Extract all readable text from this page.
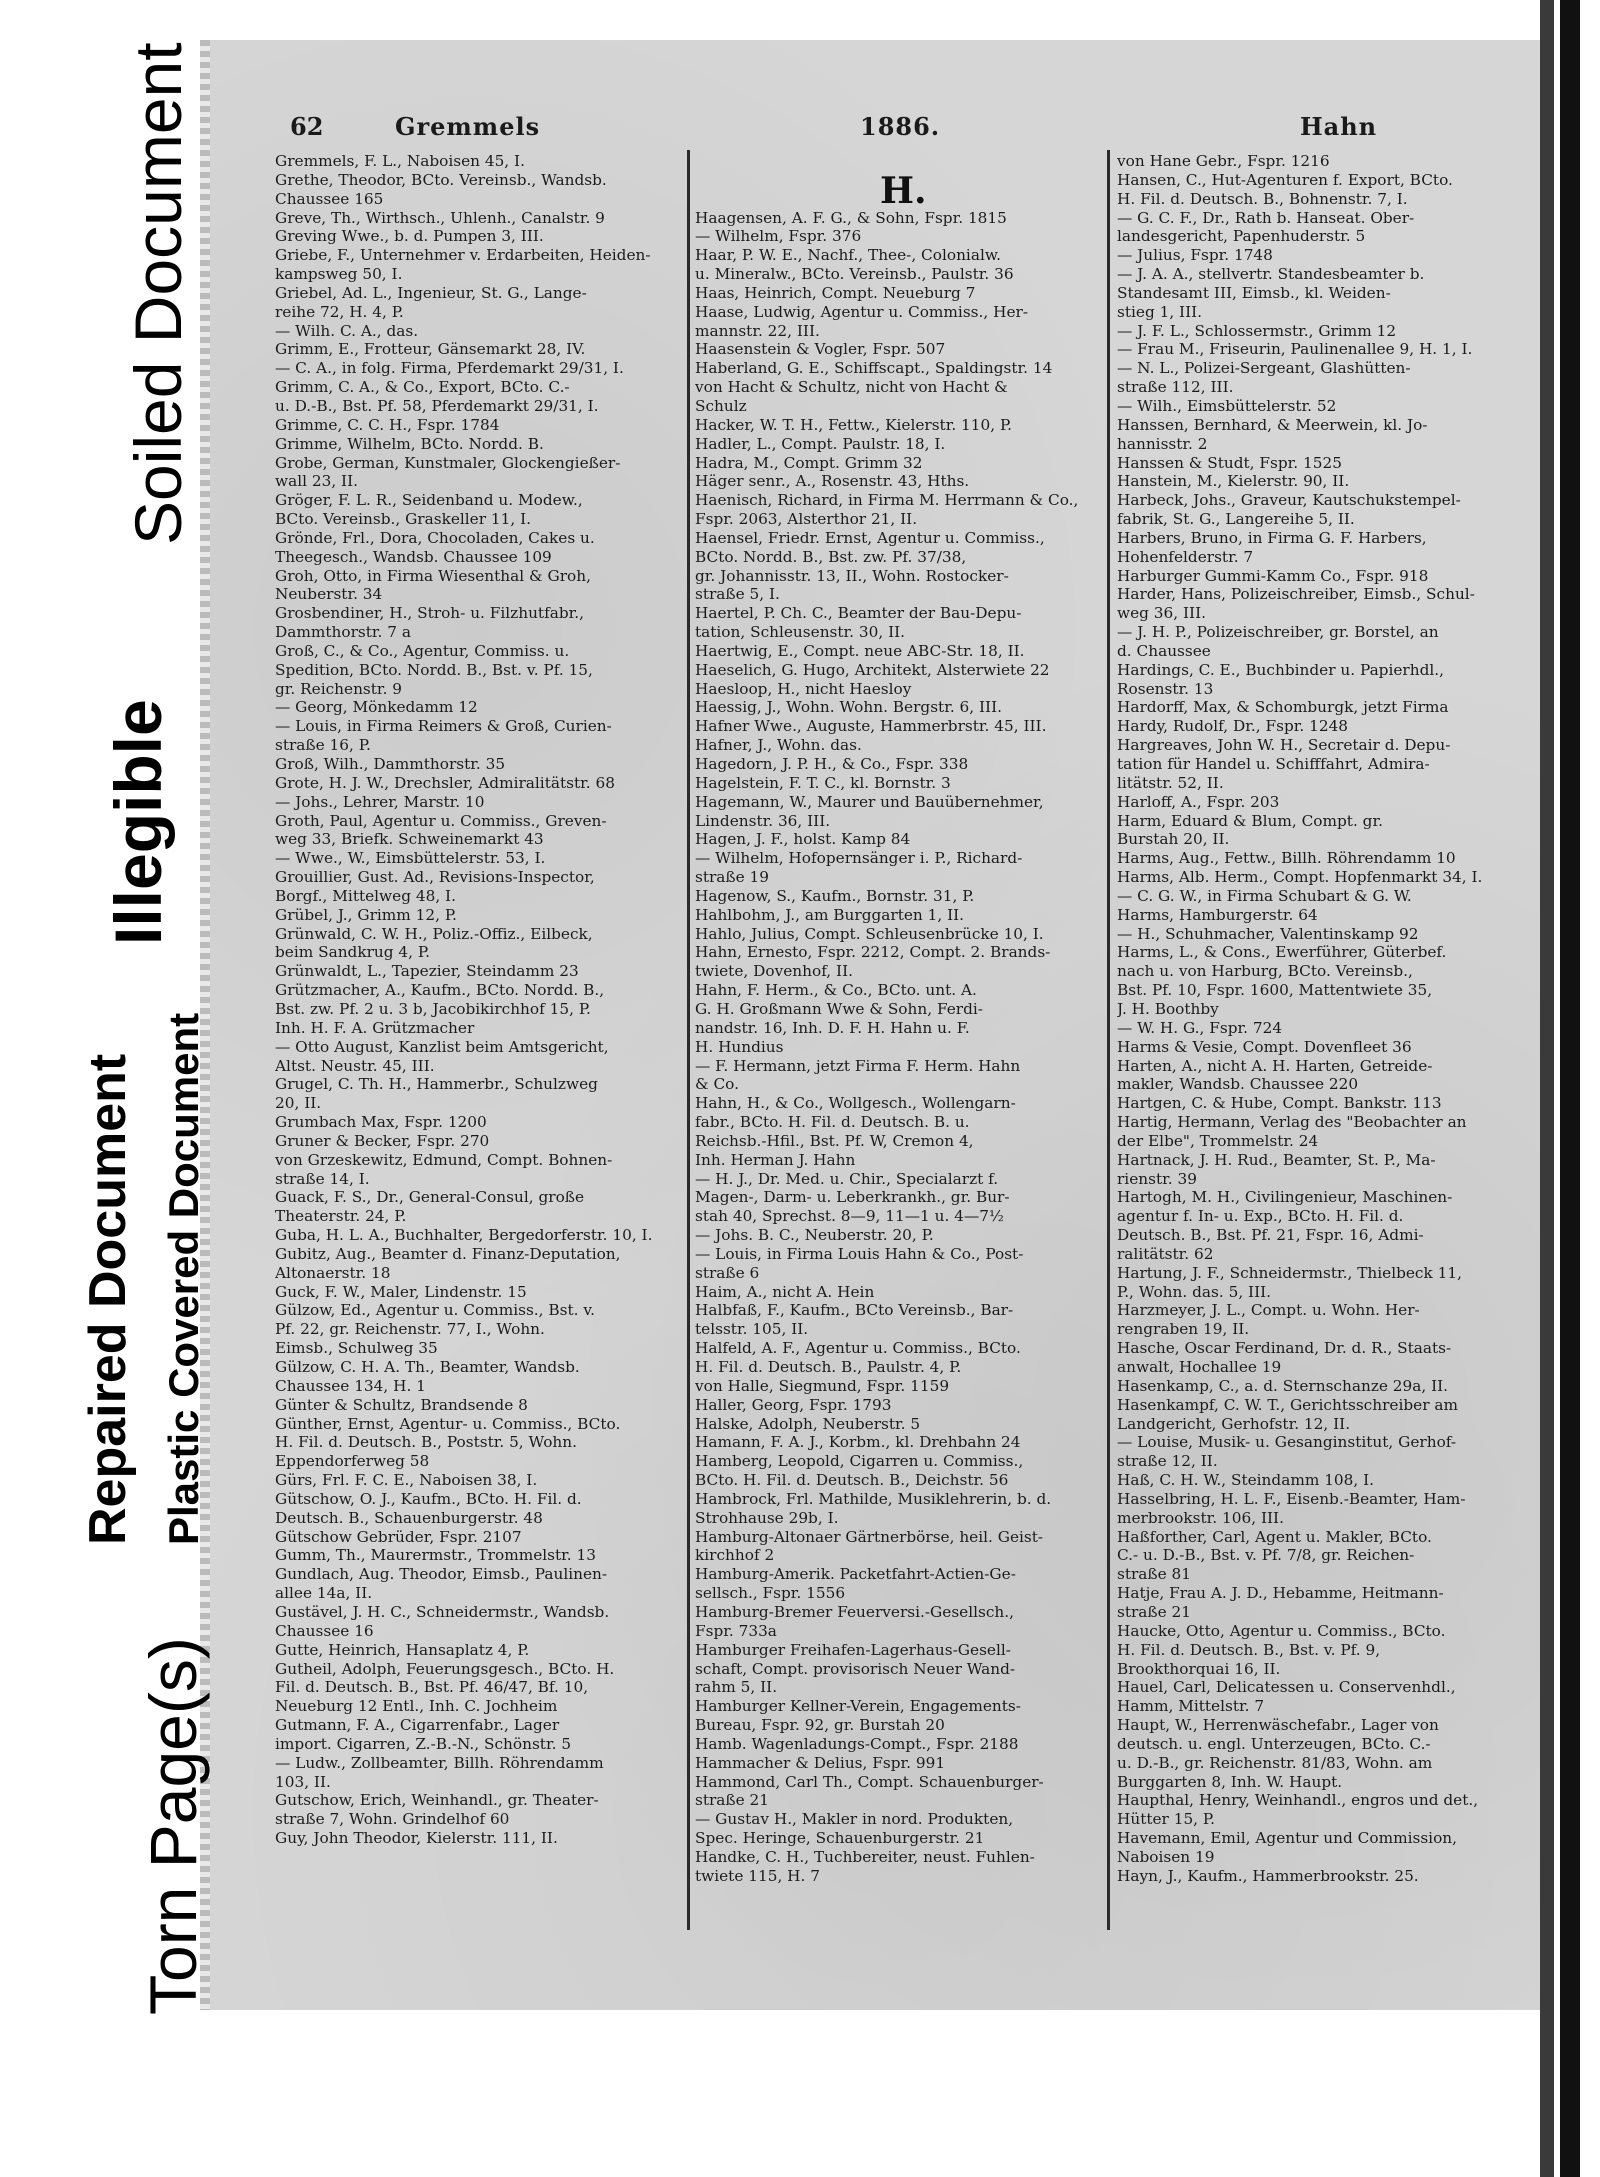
Soiled Document
Illegible
Repaired Document Plastic Covered Document
Torn Page(s)
62	Gremmels	1886.	Hahn
H.
Gremmels, F. L., Naboisen 45, I.
Grethe, Theodor, BCto. Vereinsb., Wandsb.
Chaussee 165
Greve, Th., Wirthsch., Uhlenh., Canalstr. 9
Greving Wwe., b. d. Pumpen 3, III.
Griebe, F., Unternehmer v. Erdarbeiten, Heiden-
kampsweg 50, I.
Griebel, Ad. L., Ingenieur, St. G., Lange-
reihe 72, H. 4, P.
— Wilh. C. A., das.
Grimm, E., Frotteur, Gänsemarkt 28, IV.
— C. A., in folg. Firma, Pferdemarkt 29/31, I.
Grimm, C. A., & Co., Export, BCto. C.-
u. D.-B., Bst. Pf. 58, Pferdemarkt 29/31, I.
Grimme, C. C. H., Fspr. 1784
Grimme, Wilhelm, BCto. Nordd. B.
Grobe, German, Kunstmaler, Glockengießer-
wall 23, II.
Gröger, F. L. R., Seidenband u. Modew.,
BCto. Vereinsb., Graskeller 11, I.
Grönde, Frl., Dora, Chocoladen, Cakes u.
Theegesch., Wandsb. Chaussee 109
Groh, Otto, in Firma Wiesenthal & Groh,
Neuberstr. 34
Grosbendiner, H., Stroh- u. Filzhutfabr.,
Dammthorstr. 7 a
Groß, C., & Co., Agentur, Commiss. u.
Spedition, BCto. Nordd. B., Bst. v. Pf. 15,
gr. Reichenstr. 9
— Georg, Mönkedamm 12
— Louis, in Firma Reimers & Groß, Curien-
straße 16, P.
Groß, Wilh., Dammthorstr. 35
Grote, H. J. W., Drechsler, Admiralitätstr. 68
— Johs., Lehrer, Marstr. 10
Groth, Paul, Agentur u. Commiss., Greven-
weg 33, Briefk. Schweinemarkt 43
— Wwe., W., Eimsbüttelerstr. 53, I.
Grouillier, Gust. Ad., Revisions-Inspector,
Borgf., Mittelweg 48, I.
Grübel, J., Grimm 12, P.
Grünwald, C. W. H., Poliz.-Offiz., Eilbeck,
beim Sandkrug 4, P.
Grünwaldt, L., Tapezier, Steindamm 23
Grützmacher, A., Kaufm., BCto. Nordd. B.,
Bst. zw. Pf. 2 u. 3 b, Jacobikirchhof 15, P.
Inh. H. F. A. Grützmacher
— Otto August, Kanzlist beim Amtsgericht,
Altst. Neustr. 45, III.
Grugel, C. Th. H., Hammerbr., Schulzweg
20, II.
Grumbach Max, Fspr. 1200
Gruner & Becker, Fspr. 270
von Grzeskewitz, Edmund, Compt. Bohnen-
straße 14, I.
Guack, F. S., Dr., General-Consul, große
Theaterstr. 24, P.
Guba, H. L. A., Buchhalter, Bergedorferstr. 10, I.
Gubitz, Aug., Beamter d. Finanz-Deputation,
Altonaerstr. 18
Guck, F. W., Maler, Lindenstr. 15
Gülzow, Ed., Agentur u. Commiss., Bst. v.
Pf. 22, gr. Reichenstr. 77, I., Wohn.
Eimsb., Schulweg 35
Gülzow, C. H. A. Th., Beamter, Wandsb.
Chaussee 134, H. 1
Günter & Schultz, Brandsende 8
Günther, Ernst, Agentur- u. Commiss., BCto.
H. Fil. d. Deutsch. B., Poststr. 5, Wohn.
Eppendorferweg 58
Gürs, Frl. F. C. E., Naboisen 38, I.
Gütschow, O. J., Kaufm., BCto. H. Fil. d.
Deutsch. B., Schauenburgerstr. 48
Gütschow Gebrüder, Fspr. 2107
Gumm, Th., Maurermstr., Trommelstr. 13
Gundlach, Aug. Theodor, Eimsb., Paulinen-
allee 14a, II.
Gustävel, J. H. C., Schneidermstr., Wandsb.
Chaussee 16
Gutte, Heinrich, Hansaplatz 4, P.
Gutheil, Adolph, Feuerungsgesch., BCto. H.
Fil. d. Deutsch. B., Bst. Pf. 46/47, Bf. 10,
Neueburg 12 Entl., Inh. C. Jochheim
Gutmann, F. A., Cigarrenfabr., Lager
import. Cigarren, Z.-B.-N., Schönstr. 5
— Ludw., Zollbeamter, Billh. Röhrendamm
103, II.
Gutschow, Erich, Weinhandl., gr. Theater-
straße 7, Wohn. Grindelhof 60
Guy, John Theodor, Kielerstr. 111, II.

Haagensen, A. F. G., & Sohn, Fspr. 1815
— Wilhelm, Fspr. 376
Haar, P. W. E., Nachf., Thee-, Colonialw.
u. Mineralw., BCto. Vereinsb., Paulstr. 36
Haas, Heinrich, Compt. Neueburg 7
Haase, Ludwig, Agentur u. Commiss., Her-
mannstr. 22, III.
Haasenstein & Vogler, Fspr. 507
Haberland, G. E., Schiffscapt., Spaldingstr. 14
von Hacht & Schultz, nicht von Hacht &
Schulz
Hacker, W. T. H., Fettw., Kielerstr. 110, P.
Hadler, L., Compt. Paulstr. 18, I.
Hadra, M., Compt. Grimm 32
Häger senr., A., Rosenstr. 43, Hths.
Haenisch, Richard, in Firma M. Herrmann & Co.,
Fspr. 2063, Alsterthor 21, II.
Haensel, Friedr. Ernst, Agentur u. Commiss.,
BCto. Nordd. B., Bst. zw. Pf. 37/38,
gr. Johannisstr. 13, II., Wohn. Rostocker-
straße 5, I.
Haertel, P. Ch. C., Beamter der Bau-Depu-
tation, Schleusenstr. 30, II.
Haertwig, E., Compt. neue ABC-Str. 18, II.
Haeselich, G. Hugo, Architekt, Alsterwiete 22
Haesloop, H., nicht Haesloy
Haessig, J., Wohn. Wohn. Bergstr. 6, III.
Hafner Wwe., Auguste, Hammerbrstr. 45, III.
Hafner, J., Wohn. das.
Hagedorn, J. P. H., & Co., Fspr. 338
Hagelstein, F. T. C., kl. Bornstr. 3
Hagemann, W., Maurer und Bauübernehmer,
Lindenstr. 36, III.
Hagen, J. F., holst. Kamp 84
— Wilhelm, Hofopernsänger i. P., Richard-
straße 19
Hagenow, S., Kaufm., Bornstr. 31, P.
Hahlbohm, J., am Burggarten 1, II.
Hahlo, Julius, Compt. Schleusenbrücke 10, I.
Hahn, Ernesto, Fspr. 2212, Compt. 2. Brands-
twiete, Dovenhof, II.
Hahn, F. Herm., & Co., BCto. unt. A.
G. H. Großmann Wwe & Sohn, Ferdi-
nandstr. 16, Inh. D. F. H. Hahn u. F.
H. Hundius
— F. Hermann, jetzt Firma F. Herm. Hahn
& Co.
Hahn, H., & Co., Wollgesch., Wollengarn-
fabr., BCto. H. Fil. d. Deutsch. B. u.
Reichsb.-Hfil., Bst. Pf. W, Cremon 4,
Inh. Herman J. Hahn
— H. J., Dr. Med. u. Chir., Specialarzt f.
Magen-, Darm- u. Leberkrankh., gr. Bur-
stah 40, Sprechst. 8—9, 11—1 u. 4—7½
— Johs. B. C., Neuberstr. 20, P.
— Louis, in Firma Louis Hahn & Co., Post-
straße 6
Haim, A., nicht A. Hein
Halbfaß, F., Kaufm., BCto Vereinsb., Bar-
telsstr. 105, II.
Halfeld, A. F., Agentur u. Commiss., BCto.
H. Fil. d. Deutsch. B., Paulstr. 4, P.
von Halle, Siegmund, Fspr. 1159
Haller, Georg, Fspr. 1793
Halske, Adolph, Neuberstr. 5
Hamann, F. A. J., Korbm., kl. Drehbahn 24
Hamberg, Leopold, Cigarren u. Commiss.,
BCto. H. Fil. d. Deutsch. B., Deichstr. 56
Hambrock, Frl. Mathilde, Musiklehrerin, b. d.
Strohhause 29b, I.
Hamburg-Altonaer Gärtnerbörse, heil. Geist-
kirchhof 2
Hamburg-Amerik. Packetfahrt-Actien-Ge-
sellsch., Fspr. 1556
Hamburg-Bremer Feuerversi.-Gesellsch.,
Fspr. 733a
Hamburger Freihafen-Lagerhaus-Gesell-
schaft, Compt. provisorisch Neuer Wand-
rahm 5, II.
Hamburger Kellner-Verein, Engagements-
Bureau, Fspr. 92, gr. Burstah 20
Hamb. Wagenladungs-Compt., Fspr. 2188
Hammacher & Delius, Fspr. 991
Hammond, Carl Th., Compt. Schauenburger-
straße 21
— Gustav H., Makler in nord. Produkten,
Spec. Heringe, Schauenburgerstr. 21
Handke, C. H., Tuchbereiter, neust. Fuhlen-
twiete 115, H. 7
von Hane Gebr., Fspr. 1216
Hansen, C., Hut-Agenturen f. Export, BCto.
H. Fil. d. Deutsch. B., Bohnenstr. 7, I.
— G. C. F., Dr., Rath b. Hanseat. Ober-
landesgericht, Papenhuderstr. 5
— Julius, Fspr. 1748
— J. A. A., stellvertr. Standesbeamter b.
Standesamt III, Eimsb., kl. Weiden-
stieg 1, III.
— J. F. L., Schlossermstr., Grimm 12
— Frau M., Friseurin, Paulinenallee 9, H. 1, I.
— N. L., Polizei-Sergeant, Glashütten-
straße 112, III.
— Wilh., Eimsbüttelerstr. 52
Hanssen, Bernhard, & Meerwein, kl. Jo-
hannisstr. 2
Hanssen & Studt, Fspr. 1525
Hanstein, M., Kielerstr. 90, II.
Harbeck, Johs., Graveur, Kautschukstempel-
fabrik, St. G., Langereihe 5, II.
Harbers, Bruno, in Firma G. F. Harbers,
Hohenfelderstr. 7
Harburger Gummi-Kamm Co., Fspr. 918
Harder, Hans, Polizeischreiber, Eimsb., Schul-
weg 36, III.
— J. H. P., Polizeischreiber, gr. Borstel, an
d. Chaussee
Hardings, C. E., Buchbinder u. Papierhdl.,
Rosenstr. 13
Hardorff, Max, & Schomburgk, jetzt Firma
Hardy, Rudolf, Dr., Fspr. 1248
Hargreaves, John W. H., Secretair d. Depu-
tation für Handel u. Schifffahrt, Admira-
litätstr. 52, II.
Harloff, A., Fspr. 203
Harm, Eduard & Blum, Compt. gr.
Burstah 20, II.
Harms, Aug., Fettw., Billh. Röhrendamm 10
Harms, Alb. Herm., Compt. Hopfenmarkt 34, I.
— C. G. W., in Firma Schubart & G. W.
Harms, Hamburgerstr. 64
— H., Schuhmacher, Valentinskamp 92
Harms, L., & Cons., Ewerführer, Güterbef.
nach u. von Harburg, BCto. Vereinsb.,
Bst. Pf. 10, Fspr. 1600, Mattentwiete 35,
J. H. Boothby
— W. H. G., Fspr. 724
Harms & Vesie, Compt. Dovenfleet 36
Harten, A., nicht A. H. Harten, Getreide-
makler, Wandsb. Chaussee 220
Hartgen, C. & Hube, Compt. Bankstr. 113
Hartig, Hermann, Verlag des "Beobachter an
der Elbe", Trommelstr. 24
Hartnack, J. H. Rud., Beamter, St. P., Ma-
rienstr. 39
Hartogh, M. H., Civilingenieur, Maschinen-
agentur f. In- u. Exp., BCto. H. Fil. d.
Deutsch. B., Bst. Pf. 21, Fspr. 16, Admi-
ralitätstr. 62
Hartung, J. F., Schneidermstr., Thielbeck 11,
P., Wohn. das. 5, III.
Harzmeyer, J. L., Compt. u. Wohn. Her-
rengraben 19, II.
Hasche, Oscar Ferdinand, Dr. d. R., Staats-
anwalt, Hochallee 19
Hasenkamp, C., a. d. Sternschanze 29a, II.
Hasenkampf, C. W. T., Gerichtsschreiber am
Landgericht, Gerhofstr. 12, II.
— Louise, Musik- u. Gesanginstitut, Gerhof-
straße 12, II.
Haß, C. H. W., Steindamm 108, I.
Hasselbring, H. L. F., Eisenb.-Beamter, Ham-
merbrookstr. 106, III.
Haßforther, Carl, Agent u. Makler, BCto.
C.- u. D.-B., Bst. v. Pf. 7/8, gr. Reichen-
straße 81
Hatje, Frau A. J. D., Hebamme, Heitmann-
straße 21
Haucke, Otto, Agentur u. Commiss., BCto.
H. Fil. d. Deutsch. B., Bst. v. Pf. 9,
Brookthorquai 16, II.
Hauel, Carl, Delicatessen u. Conservenhdl.,
Hamm, Mittelstr. 7
Haupt, W., Herrenwäschefabr., Lager von
deutsch. u. engl. Unterzeugen, BCto. C.-
u. D.-B., gr. Reichenstr. 81/83, Wohn. am
Burggarten 8, Inh. W. Haupt.
Haupthal, Henry, Weinhandl., engros und det.,
Hütter 15, P.
Havemann, Emil, Agentur und Commission,
Naboisen 19
Hayn, J., Kaufm., Hammerbrookstr. 25.
